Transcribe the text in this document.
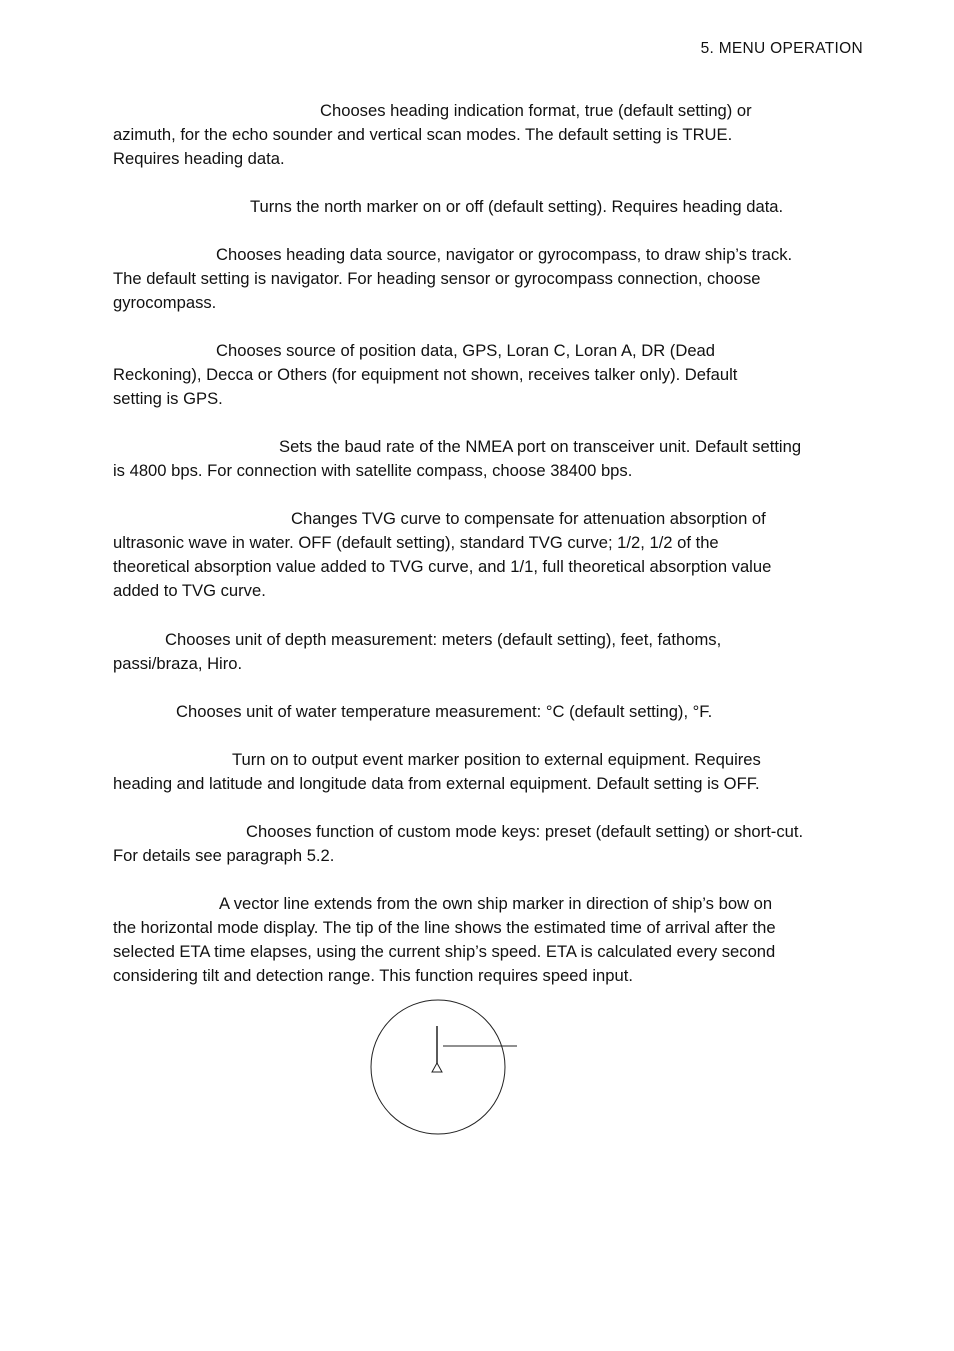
5. MENU OPERATION
Chooses heading indication format, true (default setting) or
azimuth, for the echo sounder and vertical scan modes. The default setting is TRUE.
Requires heading data.
Turns the north marker on or off (default setting). Requires heading data.
Chooses heading data source, navigator or gyrocompass, to draw ship’s track.
The default setting is navigator. For heading sensor or gyrocompass connection, choose
gyrocompass.
Chooses source of position data, GPS, Loran C, Loran A, DR (Dead
Reckoning), Decca or Others (for equipment not shown, receives talker only). Default
setting is GPS.
Sets the baud rate of the NMEA port on transceiver unit. Default setting
is 4800 bps. For connection with satellite compass, choose 38400 bps.
Changes TVG curve to compensate for attenuation absorption of
ultrasonic wave in water. OFF (default setting), standard TVG curve; 1/2, 1/2 of the
theoretical absorption value added to TVG curve, and 1/1, full theoretical absorption value
added to TVG curve.
Chooses unit of depth measurement: meters (default setting), feet, fathoms,
passi/braza, Hiro.
Chooses unit of water temperature measurement: °C (default setting), °F.
Turn on to output event marker position to external equipment. Requires
heading and latitude and longitude data from external equipment. Default setting is OFF.
Chooses function of custom mode keys: preset (default setting) or short-cut.
For details see paragraph 5.2.
A vector line extends from the own ship marker in direction of ship’s bow on
the horizontal mode display. The tip of the line shows the estimated time of arrival after the
selected ETA time elapses, using the current ship’s speed. ETA is calculated every second
considering tilt and detection range. This function requires speed input.
